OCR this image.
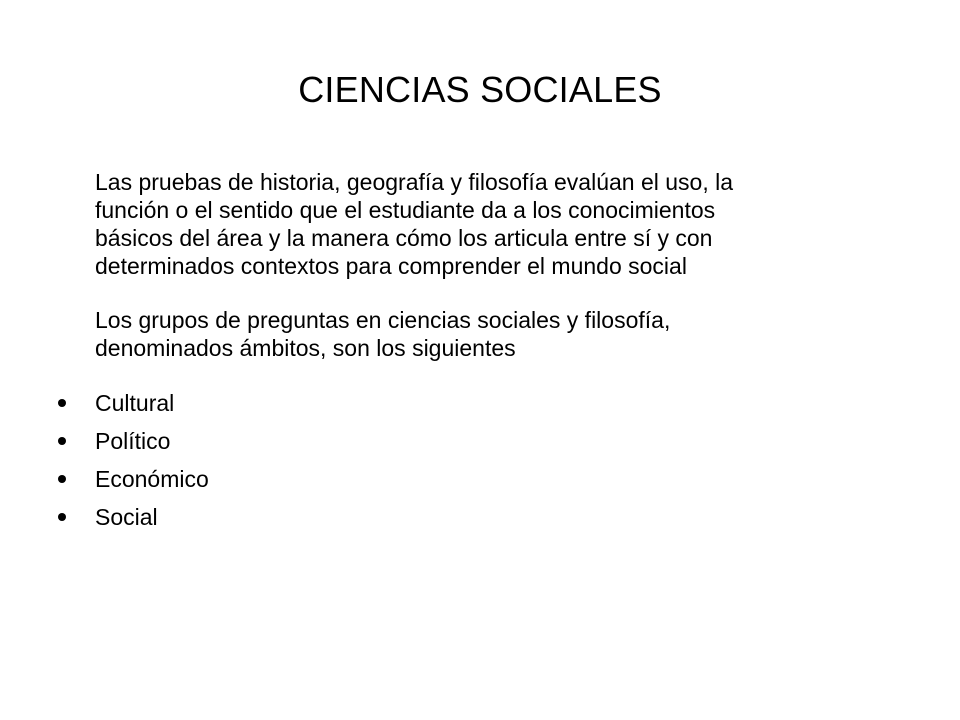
CIENCIAS SOCIALES

Las pruebas de historia, geografía y filosofía evalúan el uso, la
función o el sentido que el estudiante da a los conocimientos
básicos del área y la manera cómo los articula entre sí y con
determinados contextos para comprender el mundo social

Los grupos de preguntas en ciencias sociales y filosofía,
denominados ámbitos, son los siguientes

Cultural
Político
Económico
Social
